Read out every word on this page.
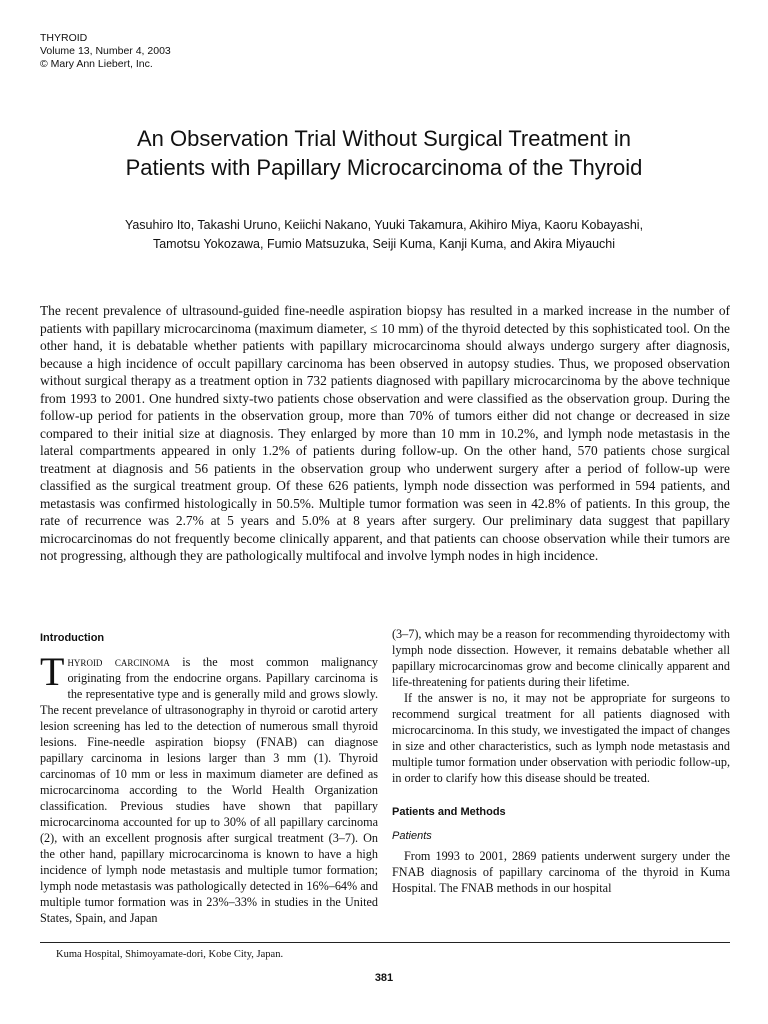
THYROID
Volume 13, Number 4, 2003
© Mary Ann Liebert, Inc.
An Observation Trial Without Surgical Treatment in
Patients with Papillary Microcarcinoma of the Thyroid
Yasuhiro Ito, Takashi Uruno, Keiichi Nakano, Yuuki Takamura, Akihiro Miya, Kaoru Kobayashi,
Tamotsu Yokozawa, Fumio Matsuzuka, Seiji Kuma, Kanji Kuma, and Akira Miyauchi

The recent prevalence of ultrasound-guided fine-needle aspiration biopsy has resulted in a marked increase in the number of patients with papillary microcarcinoma (maximum diameter, ≤ 10 mm) of the thyroid detected by this sophisticated tool. On the other hand, it is debatable whether patients with papillary microcarcinoma should always undergo surgery after diagnosis, because a high incidence of occult papillary carcinoma has been observed in autopsy studies. Thus, we proposed observation without surgical therapy as a treatment option in 732 patients diagnosed with papillary microcarcinoma by the above technique from 1993 to 2001. One hundred sixty-two patients chose observation and were classified as the observation group. During the follow-up period for patients in the observation group, more than 70% of tumors either did not change or decreased in size compared to their initial size at diagnosis. They enlarged by more than 10 mm in 10.2%, and lymph node metastasis in the lateral compartments appeared in only 1.2% of patients during follow-up. On the other hand, 570 patients chose surgical treatment at diagnosis and 56 patients in the observation group who underwent surgery after a period of follow-up were classified as the surgical treatment group. Of these 626 patients, lymph node dissection was performed in 594 patients, and metastasis was confirmed histologically in 50.5%. Multiple tumor formation was seen in 42.8% of patients. In this group, the rate of recurrence was 2.7% at 5 years and 5.0% at 8 years after surgery. Our preliminary data suggest that papillary microcarcinomas do not frequently become clinically apparent, and that patients can choose observation while their tumors are not progressing, although they are pathologically multifocal and involve lymph nodes in high incidence.

Introduction

Thyroid carcinoma is the most common malignancy originating from the endocrine organs. Papillary carcinoma is the representative type and is generally mild and grows slowly. The recent prevelance of ultrasonography in thyroid or carotid artery lesion screening has led to the detection of numerous small thyroid lesions. Fine-needle aspiration biopsy (FNAB) can diagnose papillary carcinoma in lesions larger than 3 mm (1). Thyroid carcinomas of 10 mm or less in maximum diameter are defined as microcarcinoma according to the World Health Organization classification. Previous studies have shown that papillary microcarcinoma accounted for up to 30% of all papillary carcinoma (2), with an excellent prognosis after surgical treatment (3–7). On the other hand, papillary microcarcinoma is known to have a high incidence of lymph node metastasis and multiple tumor formation; lymph node metastasis was pathologically detected in 16%–64% and multiple tumor formation was in 23%–33% in studies in the United States, Spain, and Japan

(3–7), which may be a reason for recommending thyroidectomy with lymph node dissection. However, it remains debatable whether all papillary microcarcinomas grow and become clinically apparent and life-threatening for patients during their lifetime.

If the answer is no, it may not be appropriate for surgeons to recommend surgical treatment for all patients diagnosed with microcarcinoma. In this study, we investigated the impact of changes in size and other characteristics, such as lymph node metastasis and multiple tumor formation under observation with periodic follow-up, in order to clarify how this disease should be treated.

Patients and Methods
Patients

From 1993 to 2001, 2869 patients underwent surgery under the FNAB diagnosis of papillary carcinoma of the thyroid in Kuma Hospital. The FNAB methods in our hospital

Kuma Hospital, Shimoyamate-dori, Kobe City, Japan.
381
